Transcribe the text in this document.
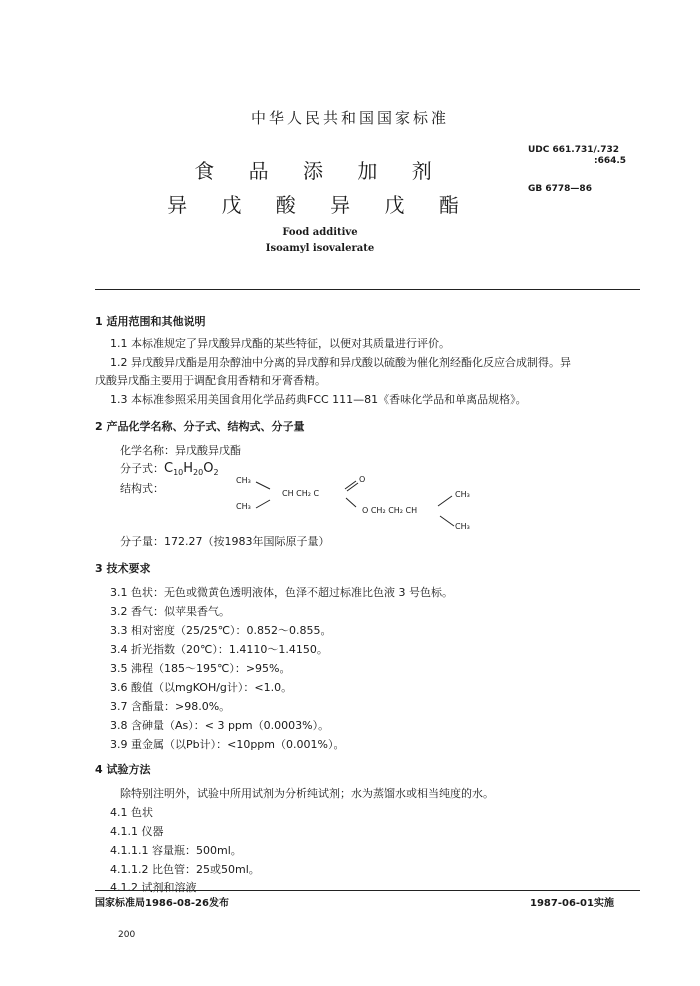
中华人民共和国国家标准
食 品 添 加 剂
异 戊 酸 异 戊 酯
Food additive
Isoamyl isovalerate
UDC 661.731/.732
:664.5
GB 6778—86
1 适用范围和其他说明
1.1 本标准规定了异戊酸异戊酯的某些特征，以便对其质量进行评价。
1.2 异戊酸异戊酯是用杂醇油中分离的异戊醇和异戊酸以硫酸为催化剂经酯化反应合成制得。异
戊酸异戊酯主要用于调配食用香精和牙膏香精。
1.3 本标准参照采用美国食用化学品药典FCC 111—81《香味化学品和单离品规格》。
2 产品化学名称、分子式、结构式、分子量
化学名称：异戊酸异戊酯
分子式：$C_{10}H_{20}O_2$
结构式：
CH₃
CH₃
CH CH₂ C
O
O CH₂ CH₂ CH
CH₃
CH₃
分子量：172.27（按1983年国际原子量）
3 技术要求
3.1 色状：无色或微黄色透明液体，色泽不超过标准比色液 3 号色标。
3.2 香气：似苹果香气。
3.3 相对密度（25/25℃）：0.852～0.855。
3.4 折光指数（20℃）：1.4110～1.4150。
3.5 沸程（185～195℃）：>95%。
3.6 酸值（以mgKOH/g计）：<1.0。
3.7 含酯量：>98.0%。
3.8 含砷量（As）：< 3 ppm（0.0003%）。
3.9 重金属（以Pb计）：<10ppm（0.001%）。
4 试验方法
除特别注明外，试验中所用试剂为分析纯试剂；水为蒸馏水或相当纯度的水。
4.1 色状
4.1.1 仪器
4.1.1.1 容量瓶：500ml。
4.1.1.2 比色管：25或50ml。
4.1.2 试剂和溶液
国家标准局1986-08-26发布	1987-06-01实施
200
